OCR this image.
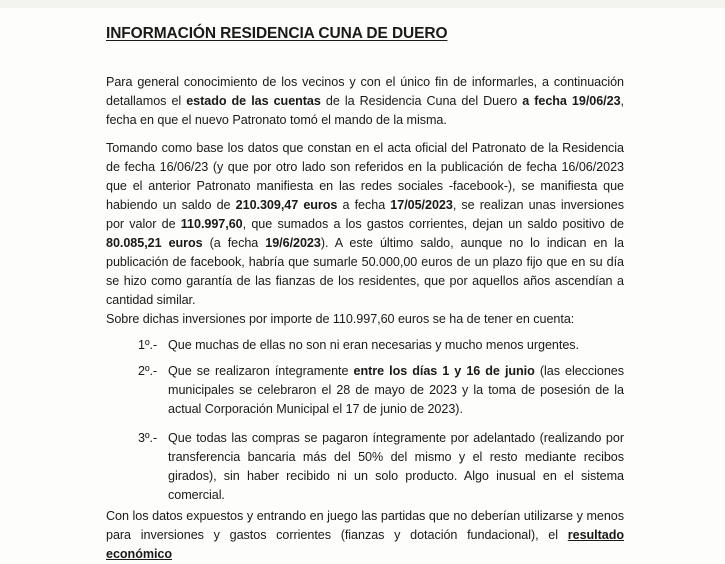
INFORMACIÓN RESIDENCIA CUNA DE DUERO
Para general conocimiento de los vecinos y con el único fin de informarles, a continuación detallamos el estado de las cuentas de la Residencia Cuna del Duero a fecha 19/06/23, fecha en que el nuevo Patronato tomó el mando de la misma.
Tomando como base los datos que constan en el acta oficial del Patronato de la Residencia de fecha 16/06/23 (y que por otro lado son referidos en la publicación de fecha 16/06/2023 que el anterior Patronato manifiesta en las redes sociales -facebook-), se manifiesta que habiendo un saldo de 210.309,47 euros a fecha 17/05/2023, se realizan unas inversiones por valor de 110.997,60, que sumados a los gastos corrientes, dejan un saldo positivo de 80.085,21 euros (a fecha 19/6/2023). A este último saldo, aunque no lo indican en la publicación de facebook, habría que sumarle 50.000,00 euros de un plazo fijo que en su día se hizo como garantía de las fianzas de los residentes, que por aquellos años ascendían a cantidad similar.
Sobre dichas inversiones por importe de 110.997,60 euros se ha de tener en cuenta:
1º.- Que muchas de ellas no son ni eran necesarias y mucho menos urgentes.
2º.- Que se realizaron íntegramente entre los días 1 y 16 de junio (las elecciones municipales se celebraron el 28 de mayo de 2023 y la toma de posesión de la actual Corporación Municipal el 17 de junio de 2023).
3º.- Que todas las compras se pagaron íntegramente por adelantado (realizando por transferencia bancaria más del 50% del mismo y el resto mediante recibos girados), sin haber recibido ni un solo producto. Algo inusual en el sistema comercial.
Con los datos expuestos y entrando en juego las partidas que no deberían utilizarse y menos para inversiones y gastos corrientes (fianzas y dotación fundacional), el resultado económico
